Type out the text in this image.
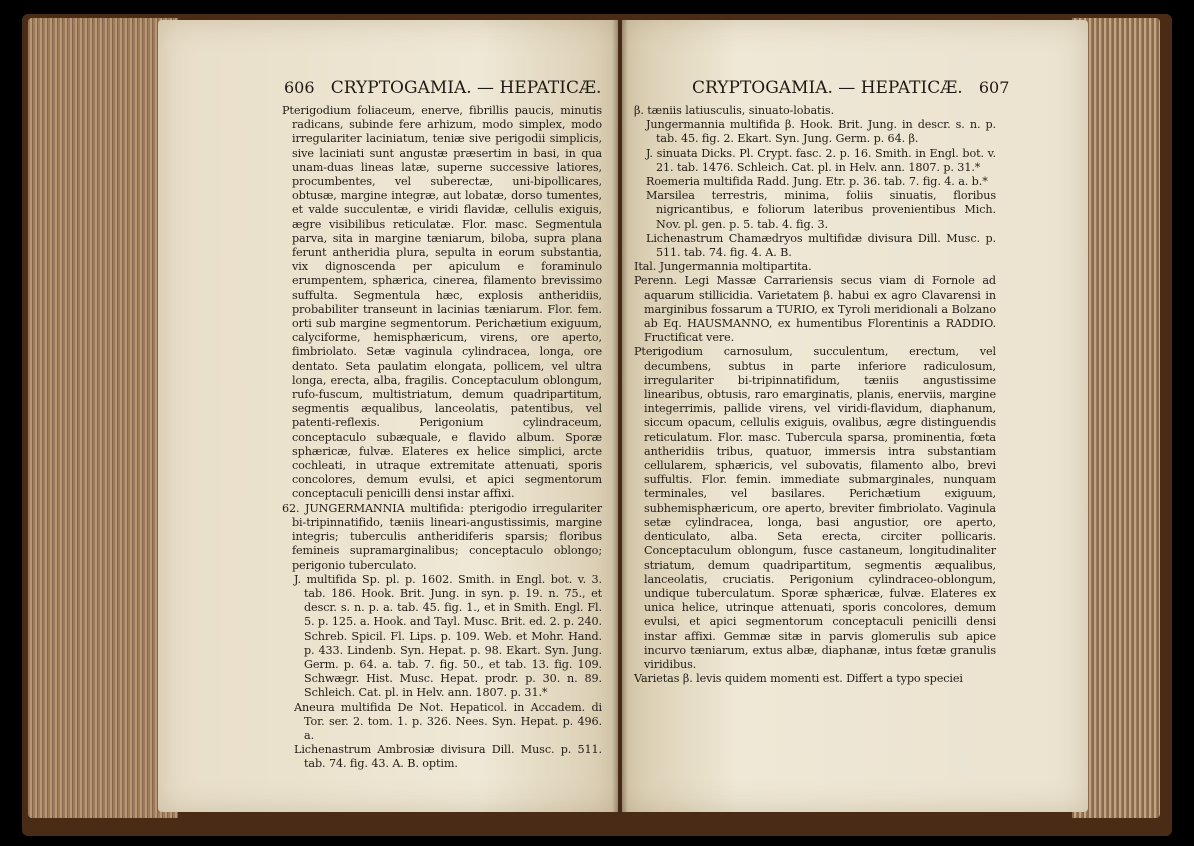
606 CRYPTOGAMIA. — HEPATICÆ.

Pterigodium foliaceum, enerve, fibrillis paucis, minutis radicans, subinde fere arhizum, modo simplex, modo irregulariter laciniatum, teniæ sive perigodii simplicis, sive laciniati sunt angustæ præsertim in basi, in qua unam-duas lineas latæ, superne successive latiores, procumbentes, vel suberectæ, uni-bipollicares, obtusæ, margine integræ, aut lobatæ, dorso tumentes, et valde succulentæ, e viridi flavidæ, cellulis exiguis, ægre visibilibus reticulatæ. Flor. masc. Segmentula parva, sita in margine tæniarum, biloba, supra plana ferunt antheridia plura, sepulta in eorum substantia, vix dignoscenda per apiculum e foraminulo erumpentem, sphærica, cinerea, filamento brevissimo suffulta. Segmentula hæc, explosis antheridiis, probabiliter transeunt in lacinias tæniarum. Flor. fem. orti sub margine segmentorum. Perichætium exiguum, calyciforme, hemisphæricum, virens, ore aperto, fimbriolato. Setæ vaginula cylindracea, longa, ore dentato. Seta paulatim elongata, pollicem, vel ultra longa, erecta, alba, fragilis. Conceptaculum oblongum, rufo-fuscum, multistriatum, demum quadripartitum, segmentis æqualibus, lanceolatis, patentibus, vel patenti-reflexis. Perigonium cylindraceum, conceptaculo subæquale, e flavido album. Sporæ sphæricæ, fulvæ. Elateres ex helice simplici, arcte cochleati, in utraque extremitate attenuati, sporis concolores, demum evulsi, et apici segmentorum conceptaculi penicilli densi instar affixi.

62. JUNGERMANNIA multifida: pterigodio irregulariter bi-tripinnatifido, tæniis lineari-angustissimis, margine integris; tuberculis antheridiferis sparsis; floribus femineis supramarginalibus; conceptaculo oblongo; perigonio tuberculato.

J. multifida Sp. pl. p. 1602. Smith. in Engl. bot. v. 3. tab. 186. Hook. Brit. Jung. in syn. p. 19. n. 75., et descr. s. n. p. a. tab. 45. fig. 1., et in Smith. Engl. Fl. 5. p. 125. a. Hook. and Tayl. Musc. Brit. ed. 2. p. 240. Schreb. Spicil. Fl. Lips. p. 109. Web. et Mohr. Hand. p. 433. Lindenb. Syn. Hepat. p. 98. Ekart. Syn. Jung. Germ. p. 64. a. tab. 7. fig. 50., et tab. 13. fig. 109. Schwægr. Hist. Musc. Hepat. prodr. p. 30. n. 89. Schleich. Cat. pl. in Helv. ann. 1807. p. 31.*

Aneura multifida De Not. Hepaticol. in Accadem. di Tor. ser. 2. tom. 1. p. 326. Nees. Syn. Hepat. p. 496. a.

Lichenastrum Ambrosiæ divisura Dill. Musc. p. 511. tab. 74. fig. 43. A. B. optim.

CRYPTOGAMIA. — HEPATICÆ. 607

β. tæniis latiusculis, sinuato-lobatis.

Jungermannia multifida β. Hook. Brit. Jung. in descr. s. n. p. tab. 45. fig. 2. Ekart. Syn. Jung. Germ. p. 64. β.

J. sinuata Dicks. Pl. Crypt. fasc. 2. p. 16. Smith. in Engl. bot. v. 21. tab. 1476. Schleich. Cat. pl. in Helv. ann. 1807. p. 31.*

Roemeria multifida Radd. Jung. Etr. p. 36. tab. 7. fig. 4. a. b.*

Marsilea terrestris, minima, foliis sinuatis, floribus nigricantibus, e foliorum lateribus provenientibus Mich. Nov. pl. gen. p. 5. tab. 4. fig. 3.

Lichenastrum Chamædryos multifidæ divisura Dill. Musc. p. 511. tab. 74. fig. 4. A. B.

Ital. Jungermannia moltipartita.

Perenn. Legi Massæ Carrariensis secus viam di Fornole ad aquarum stillicidia. Varietatem β. habui ex agro Clavarensi in marginibus fossarum a TURIO, ex Tyroli meridionali a Bolzano ab Eq. HAUSMANNO, ex humentibus Florentinis a RADDIO. Fructificat vere.

Pterigodium carnosulum, succulentum, erectum, vel decumbens, subtus in parte inferiore radiculosum, irregulariter bi-tripinnatifidum, tæniis angustissime linearibus, obtusis, raro emarginatis, planis, enerviis, margine integerrimis, pallide virens, vel viridi-flavidum, diaphanum, siccum opacum, cellulis exiguis, ovalibus, ægre distinguendis reticulatum. Flor. masc. Tubercula sparsa, prominentia, fœta antheridiis tribus, quatuor, immersis intra substantiam cellularem, sphæricis, vel subovatis, filamento albo, brevi suffultis. Flor. femin. immediate submarginales, nunquam terminales, vel basilares. Perichætium exiguum, subhemisphæricum, ore aperto, breviter fimbriolato. Vaginula setæ cylindracea, longa, basi angustior, ore aperto, denticulato, alba. Seta erecta, circiter pollicaris. Conceptaculum oblongum, fusce castaneum, longitudinaliter striatum, demum quadripartitum, segmentis æqualibus, lanceolatis, cruciatis. Perigonium cylindraceo-oblongum, undique tuberculatum. Sporæ sphæricæ, fulvæ. Elateres ex unica helice, utrinque attenuati, sporis concolores, demum evulsi, et apici segmentorum conceptaculi penicilli densi instar affixi. Gemmæ sitæ in parvis glomerulis sub apice incurvo tæniarum, extus albæ, diaphanæ, intus fœtæ granulis viridibus.

Varietas β. levis quidem momenti est. Differt a typo speciei
